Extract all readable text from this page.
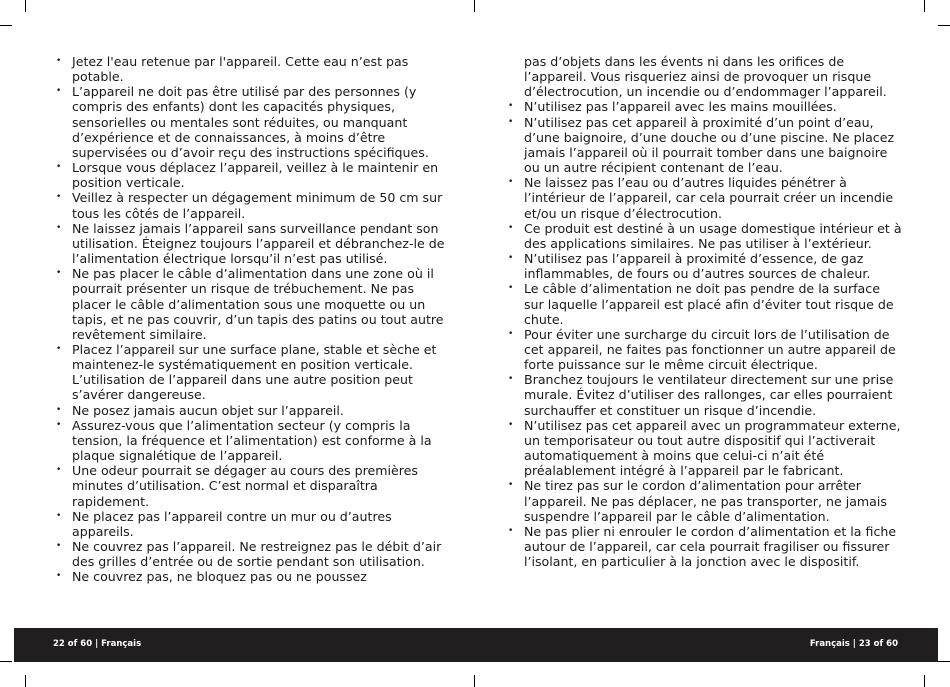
• Jetez l'eau retenue par l'appareil. Cette eau n’est pas potable.
• L’appareil ne doit pas être utilisé par des personnes (y compris des enfants) dont les capacités physiques, sensorielles ou mentales sont réduites, ou manquant d’expérience et de connaissances, à moins d’être supervisées ou d’avoir reçu des instructions spécifiques.
• Lorsque vous déplacez l’appareil, veillez à le maintenir en position verticale.
• Veillez à respecter un dégagement minimum de 50 cm sur tous les côtés de l’appareil.
• Ne laissez jamais l’appareil sans surveillance pendant son utilisation. Éteignez toujours l’appareil et débranchez-le de l’alimentation électrique lorsqu’il n’est pas utilisé.
• Ne pas placer le câble d’alimentation dans une zone où il pourrait présenter un risque de trébuchement. Ne pas placer le câble d’alimentation sous une moquette ou un tapis, et ne pas couvrir, d’un tapis des patins ou tout autre revêtement similaire.
• Placez l’appareil sur une surface plane, stable et sèche et maintenez-le systématiquement en position verticale. L’utilisation de l’appareil dans une autre position peut s’avérer dangereuse.
• Ne posez jamais aucun objet sur l’appareil.
• Assurez-vous que l’alimentation secteur (y compris la tension, la fréquence et l’alimentation) est conforme à la plaque signalétique de l’appareil.
• Une odeur pourrait se dégager au cours des premières minutes d’utilisation. C’est normal et disparaîtra rapidement.
• Ne placez pas l’appareil contre un mur ou d’autres appareils.
• Ne couvrez pas l’appareil. Ne restreignez pas le débit d’air des grilles d’entrée ou de sortie pendant son utilisation.
• Ne couvrez pas, ne bloquez pas ou ne poussez
pas d’objets dans les évents ni dans les orifices de l’appareil. Vous risqueriez ainsi de provoquer un risque d’électrocution, un incendie ou d’endommager l’appareil.
• N’utilisez pas l’appareil avec les mains mouillées.
• N’utilisez pas cet appareil à proximité d’un point d’eau, d’une baignoire, d’une douche ou d’une piscine. Ne placez jamais l’appareil où il pourrait tomber dans une baignoire ou un autre récipient contenant de l’eau.
• Ne laissez pas l’eau ou d’autres liquides pénétrer à l’intérieur de l’appareil, car cela pourrait créer un incendie et/ou un risque d’électrocution.
• Ce produit est destiné à un usage domestique intérieur et à des applications similaires. Ne pas utiliser à l’extérieur.
• N’utilisez pas l’appareil à proximité d’essence, de gaz inflammables, de fours ou d’autres sources de chaleur.
• Le câble d’alimentation ne doit pas pendre de la surface sur laquelle l’appareil est placé afin d’éviter tout risque de chute.
• Pour éviter une surcharge du circuit lors de l’utilisation de cet appareil, ne faites pas fonctionner un autre appareil de forte puissance sur le même circuit électrique.
• Branchez toujours le ventilateur directement sur une prise murale. Évitez d’utiliser des rallonges, car elles pourraient surchauffer et constituer un risque d’incendie.
• N’utilisez pas cet appareil avec un programmateur externe, un temporisateur ou tout autre dispositif qui l’activerait automatiquement à moins que celui-ci n’ait été préalablement intégré à l’appareil par le fabricant.
• Ne tirez pas sur le cordon d’alimentation pour arrêter l’appareil. Ne pas déplacer, ne pas transporter, ne jamais suspendre l’appareil par le câble d’alimentation.
• Ne pas plier ni enrouler le cordon d’alimentation et la fiche autour de l’appareil, car cela pourrait fragiliser ou fissurer l’isolant, en particulier à la jonction avec le dispositif.
22 of 60 | Français	Français | 23 of 60
